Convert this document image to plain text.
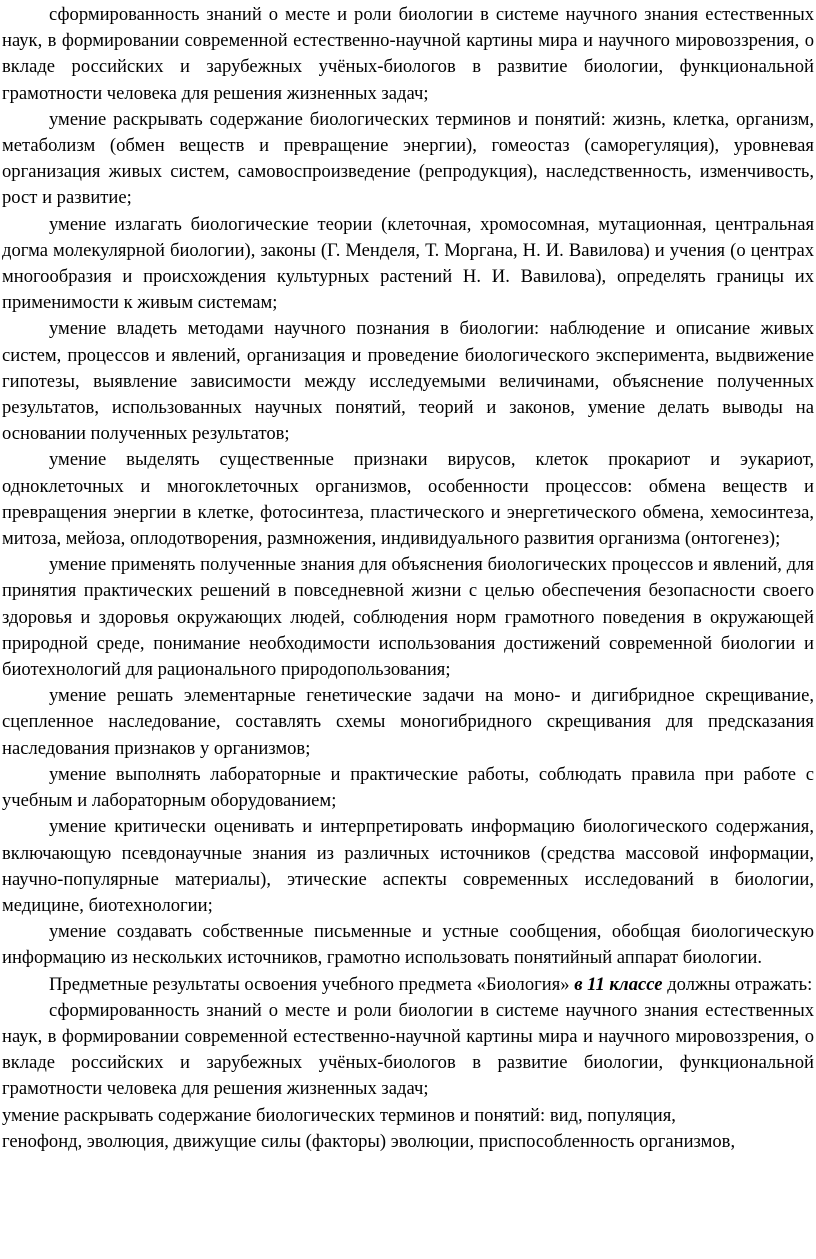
сформированность знаний о месте и роли биологии в системе научного знания естественных наук, в формировании современной естественно-научной картины мира и научного мировоззрения, о вкладе российских и зарубежных учёных-биологов в развитие биологии, функциональной грамотности человека для решения жизненных задач;

умение раскрывать содержание биологических терминов и понятий: жизнь, клетка, организм, метаболизм (обмен веществ и превращение энергии), гомеостаз (саморегуляция), уровневая организация живых систем, самовоспроизведение (репродукция), наследственность, изменчивость, рост и развитие;

умение излагать биологические теории (клеточная, хромосомная, мутационная, центральная догма молекулярной биологии), законы (Г. Менделя, Т. Моргана, Н. И. Вавилова) и учения (о центрах многообразия и происхождения культурных растений Н. И. Вавилова), определять границы их применимости к живым системам;

умение владеть методами научного познания в биологии: наблюдение и описание живых систем, процессов и явлений, организация и проведение биологического эксперимента, выдвижение гипотезы, выявление зависимости между исследуемыми величинами, объяснение полученных результатов, использованных научных понятий, теорий и законов, умение делать выводы на основании полученных результатов;

умение выделять существенные признаки вирусов, клеток прокариот и эукариот, одноклеточных и многоклеточных организмов, особенности процессов: обмена веществ и превращения энергии в клетке, фотосинтеза, пластического и энергетического обмена, хемосинтеза, митоза, мейоза, оплодотворения, размножения, индивидуального развития организма (онтогенез);

умение применять полученные знания для объяснения биологических процессов и явлений, для принятия практических решений в повседневной жизни с целью обеспечения безопасности своего здоровья и здоровья окружающих людей, соблюдения норм грамотного поведения в окружающей природной среде, понимание необходимости использования достижений современной биологии и биотехнологий для рационального природопользования;

умение решать элементарные генетические задачи на моно- и дигибридное скрещивание, сцепленное наследование, составлять схемы моногибридного скрещивания для предсказания наследования признаков у организмов;

умение выполнять лабораторные и практические работы, соблюдать правила при работе с учебным и лабораторным оборудованием;

умение критически оценивать и интерпретировать информацию биологического содержания, включающую псевдонаучные знания из различных источников (средства массовой информации, научно-популярные материалы), этические аспекты современных исследований в биологии, медицине, биотехнологии;

умение создавать собственные письменные и устные сообщения, обобщая биологическую информацию из нескольких источников, грамотно использовать понятийный аппарат биологии.

Предметные результаты освоения учебного предмета «Биология» в 11 классе должны отражать:

сформированность знаний о месте и роли биологии в системе научного знания естественных наук, в формировании современной естественно-научной картины мира и научного мировоззрения, о вкладе российских и зарубежных учёных-биологов в развитие биологии, функциональной грамотности человека для решения жизненных задач;

умение раскрывать содержание биологических терминов и понятий: вид, популяция,
генофонд, эволюция, движущие силы (факторы) эволюции, приспособленность организмов,
